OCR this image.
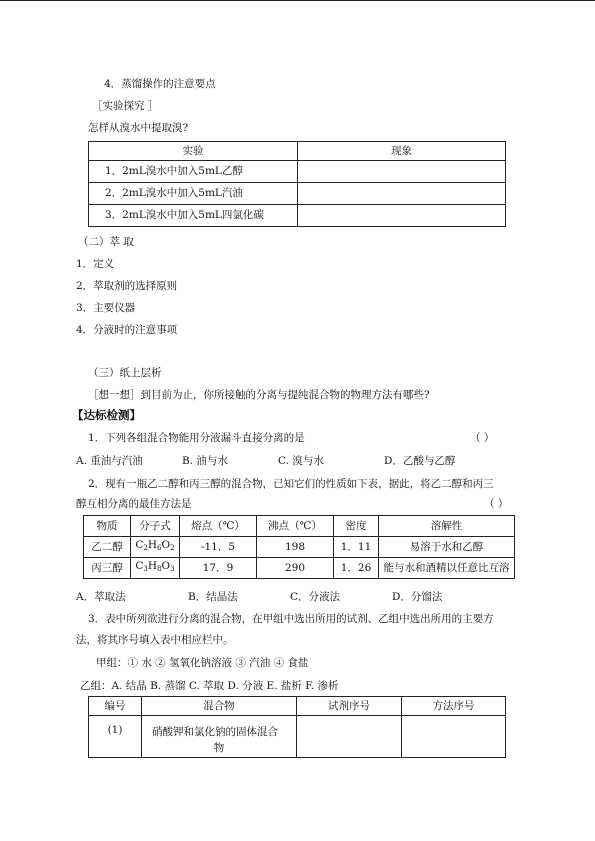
4．蒸馏操作的注意要点
［实验探究 ］
怎样从溴水中提取溴?
实验	现象
1．2mL溴水中加入5mL乙醇	
2．2mL溴水中加入5mL汽油	
3．2mL溴水中加入5mL四氯化碳	
（二）萃 取
1．定义
2．萃取剂的选择原则
3．主要仪器
4．分液时的注意事项
（三）纸上层析
［想一想］到目前为止，你所接触的分离与提纯混合物的物理方法有哪些?
【达标检测】
1．下列各组混合物能用分液漏斗直接分离的是	（ ）
A. 重油与汽油	B. 油与水	C. 溴与水	D．乙酸与乙醇
2．现有一瓶乙二醇和丙三醇的混合物，已知它们的性质如下表，据此，将乙二醇和丙三
醇互相分离的最佳方法是	（ ）
物质	分子式	熔点（℃）	沸点（℃）	密度	溶解性
乙二醇	$C_2H_6O_2$	-11．5	198	1．11	易溶于水和乙醇
丙三醇	$C_3H_8O_3$	17．9	290	1．26	能与水和酒精以任意比互溶
A．萃取法	B．结晶法	C．分液法	D．分馏法
3．表中所列欲进行分离的混合物，在甲组中选出所用的试剂、乙组中选出所用的主要方
法，将其序号填入表中相应栏中。
甲组：① 水 ② 氢氧化钠溶液 ③ 汽油 ④ 食盐
乙组：A. 结晶 B. 蒸馏 C. 萃取 D. 分液 E. 盐析 F. 渗析
编号	混合物	试剂序号	方法序号
(1)	硝酸钾和氯化钠的固体混合
物		
